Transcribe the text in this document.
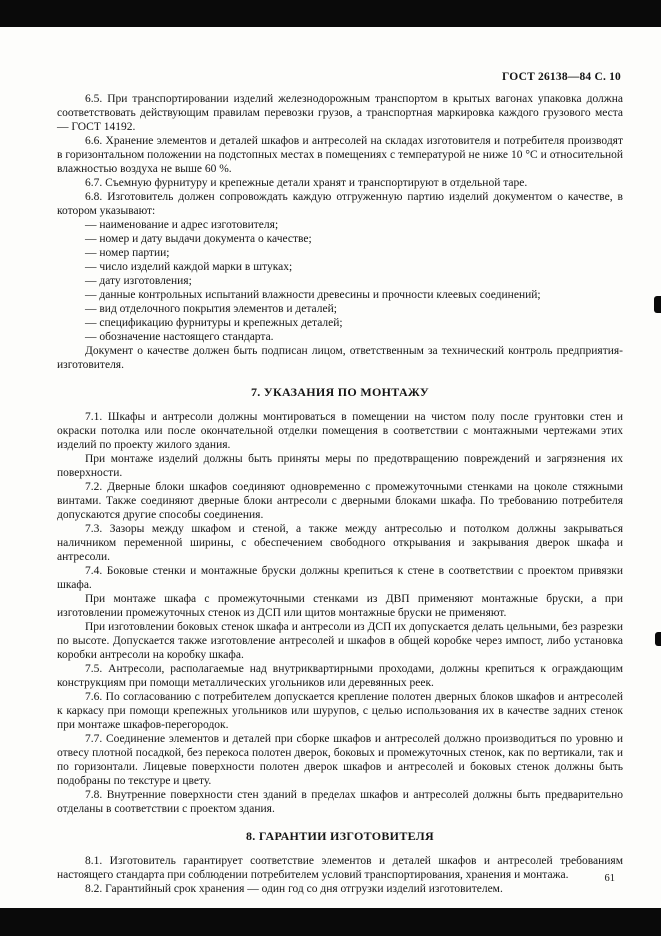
ГОСТ 26138—84 С. 10

6.5. При транспортировании изделий железнодорожным транспортом в крытых вагонах упаковка должна соответствовать действующим правилам перевозки грузов, а транспортная маркировка каждого грузового места — ГОСТ 14192.

6.6. Хранение элементов и деталей шкафов и антресолей на складах изготовителя и потребителя производят в горизонтальном положении на подстопных местах в помещениях с температурой не ниже 10 °С и относительной влажностью воздуха не выше 60 %.

6.7. Съемную фурнитуру и крепежные детали хранят и транспортируют в отдельной таре.

6.8. Изготовитель должен сопровождать каждую отгруженную партию изделий документом о качестве, в котором указывают:

— наименование и адрес изготовителя;

— номер и дату выдачи документа о качестве;

— номер партии;

— число изделий каждой марки в штуках;

— дату изготовления;

— данные контрольных испытаний влажности древесины и прочности клеевых соединений;

— вид отделочного покрытия элементов и деталей;

— спецификацию фурнитуры и крепежных деталей;

— обозначение настоящего стандарта.

Документ о качестве должен быть подписан лицом, ответственным за технический контроль предприятия-изготовителя.

7. УКАЗАНИЯ ПО МОНТАЖУ

7.1. Шкафы и антресоли должны монтироваться в помещении на чистом полу после грунтовки стен и окраски потолка или после окончательной отделки помещения в соответствии с монтажными чертежами этих изделий по проекту жилого здания.

При монтаже изделий должны быть приняты меры по предотвращению повреждений и загрязнения их поверхности.

7.2. Дверные блоки шкафов соединяют одновременно с промежуточными стенками на цоколе стяжными винтами. Также соединяют дверные блоки антресоли с дверными блоками шкафа. По требованию потребителя допускаются другие способы соединения.

7.3. Зазоры между шкафом и стеной, а также между антресолью и потолком должны закрываться наличником переменной ширины, с обеспечением свободного открывания и закрывания дверок шкафа и антресоли.

7.4. Боковые стенки и монтажные бруски должны крепиться к стене в соответствии с проектом привязки шкафа.

При монтаже шкафа с промежуточными стенками из ДВП применяют монтажные бруски, а при изготовлении промежуточных стенок из ДСП или щитов монтажные бруски не применяют.

При изготовлении боковых стенок шкафа и антресоли из ДСП их допускается делать цельными, без разрезки по высоте. Допускается также изготовление антресолей и шкафов в общей коробке через импост, либо установка коробки антресоли на коробку шкафа.

7.5. Антресоли, располагаемые над внутриквартирными проходами, должны крепиться к ограждающим конструкциям при помощи металлических угольников или деревянных реек.

7.6. По согласованию с потребителем допускается крепление полотен дверных блоков шкафов и антресолей к каркасу при помощи крепежных угольников или шурупов, с целью использования их в качестве задних стенок при монтаже шкафов-перегородок.

7.7. Соединение элементов и деталей при сборке шкафов и антресолей должно производиться по уровню и отвесу плотной посадкой, без перекоса полотен дверок, боковых и промежуточных стенок, как по вертикали, так и по горизонтали. Лицевые поверхности полотен дверок шкафов и антресолей и боковых стенок должны быть подобраны по текстуре и цвету.

7.8. Внутренние поверхности стен зданий в пределах шкафов и антресолей должны быть предварительно отделаны в соответствии с проектом здания.

8. ГАРАНТИИ ИЗГОТОВИТЕЛЯ

8.1. Изготовитель гарантирует соответствие элементов и деталей шкафов и антресолей требованиям настоящего стандарта при соблюдении потребителем условий транспортирования, хранения и монтажа.

8.2. Гарантийный срок хранения — один год со дня отгрузки изделий изготовителем.

61
